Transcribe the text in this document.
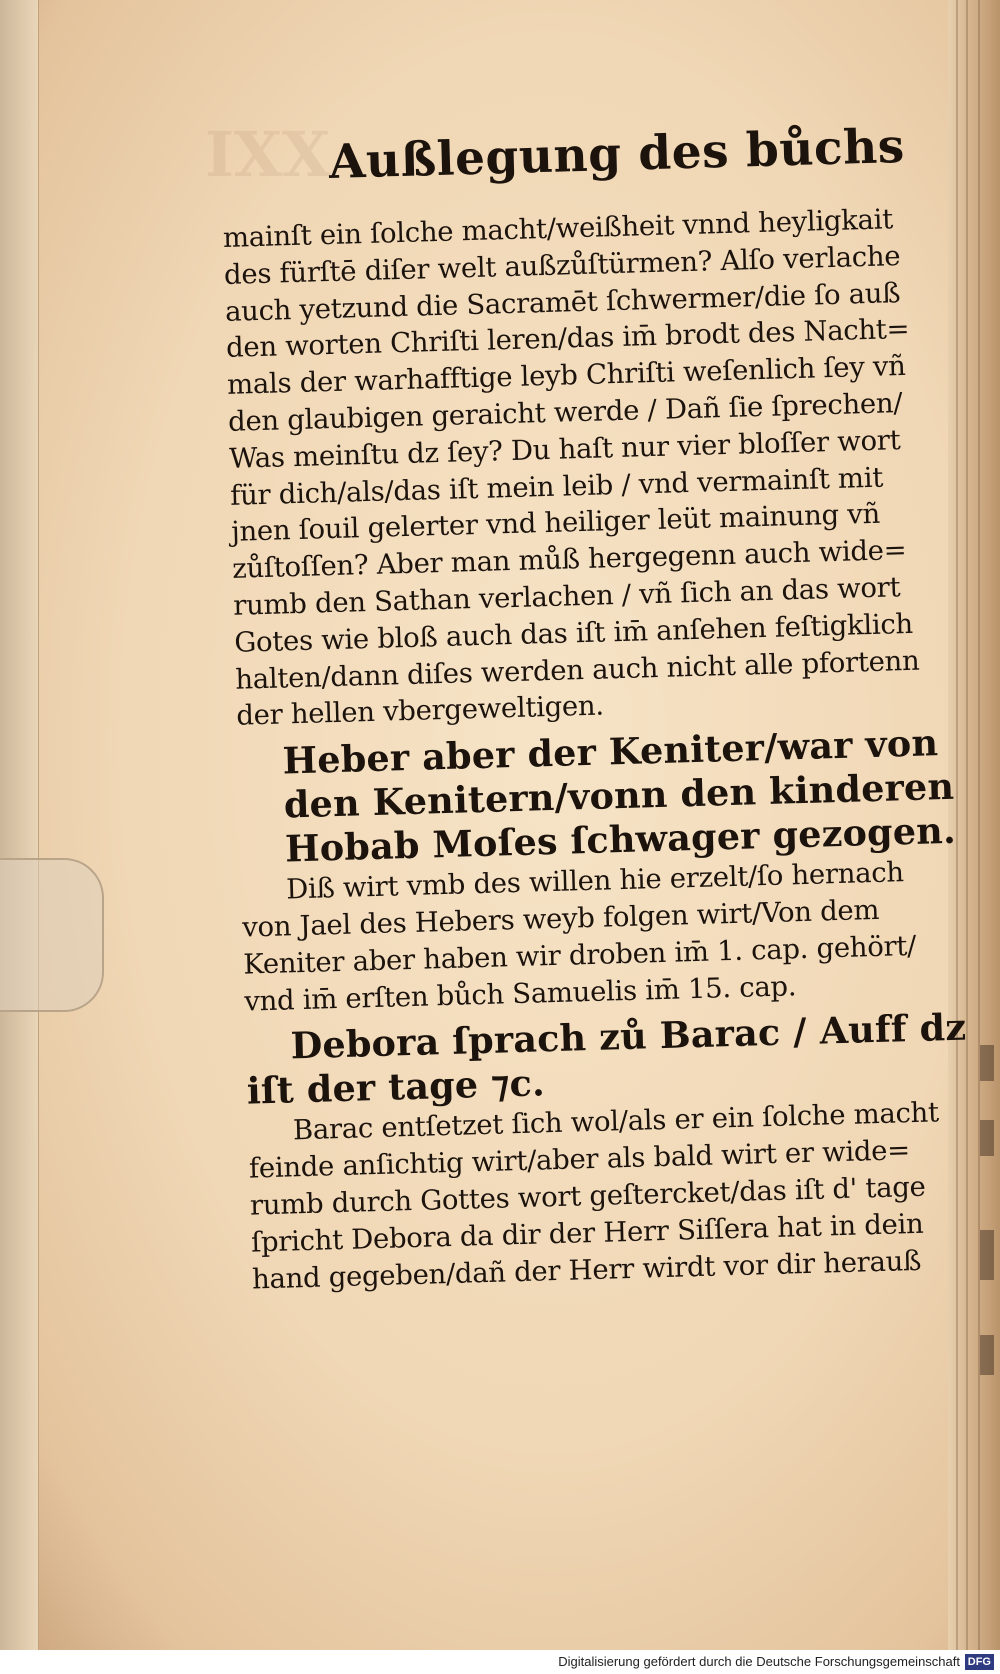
IXX
Außlegung des bůchs
mainſt ein ſolche macht/weißheit vnnd heyligkait
des fürſtē diſer welt außzůſtürmen? Alſo verlache
auch yetzund die Sacramēt ſchwermer/die ſo auß
den worten Chriſti leren/das im̄ brodt des Nacht=
mals der warhafftige leyb Chriſti weſenlich ſey vñ
den glaubigen geraicht werde / Dañ ſie ſprechen/
Was meinſtu dz ſey? Du haſt nur vier bloſſer wort
für dich/als/das iſt mein leib / vnd vermainſt mit
jnen ſouil gelerter vnd heiliger leüt mainung vñ
zůſtoſſen? Aber man můß hergegenn auch wide=
rumb den Sathan verlachen / vñ ſich an das wort
Gotes wie bloß auch das iſt im̄ anſehen feſtigklich
halten/dann diſes werden auch nicht alle pfortenn
der hellen vbergeweltigen.
Heber aber der Keniter/war von
den Kenitern/vonn den kinderen
Hobab Moſes ſchwager gezogen.
Diß wirt vmb des willen hie erzelt/ſo hernach
von Jael des Hebers weyb folgen wirt/Von dem
Keniter aber haben wir droben im̄ 1. cap. gehört/
vnd im̄ erſten bůch Samuelis im̄ 15. cap.
Debora ſprach zů Barac / Auff dz
iſt der tage ⁊c.
Barac entſetzet ſich wol/als er ein ſolche macht
feinde anſichtig wirt/aber als bald wirt er wide=
rumb durch Gottes wort geſtercket/das iſt d' tage
ſpricht Debora da dir der Herr Siſſera hat in dein
hand gegeben/dañ der Herr wirdt vor dir herauß
Digitalisierung gefördert durch die Deutsche Forschungsgemeinschaft DFG
